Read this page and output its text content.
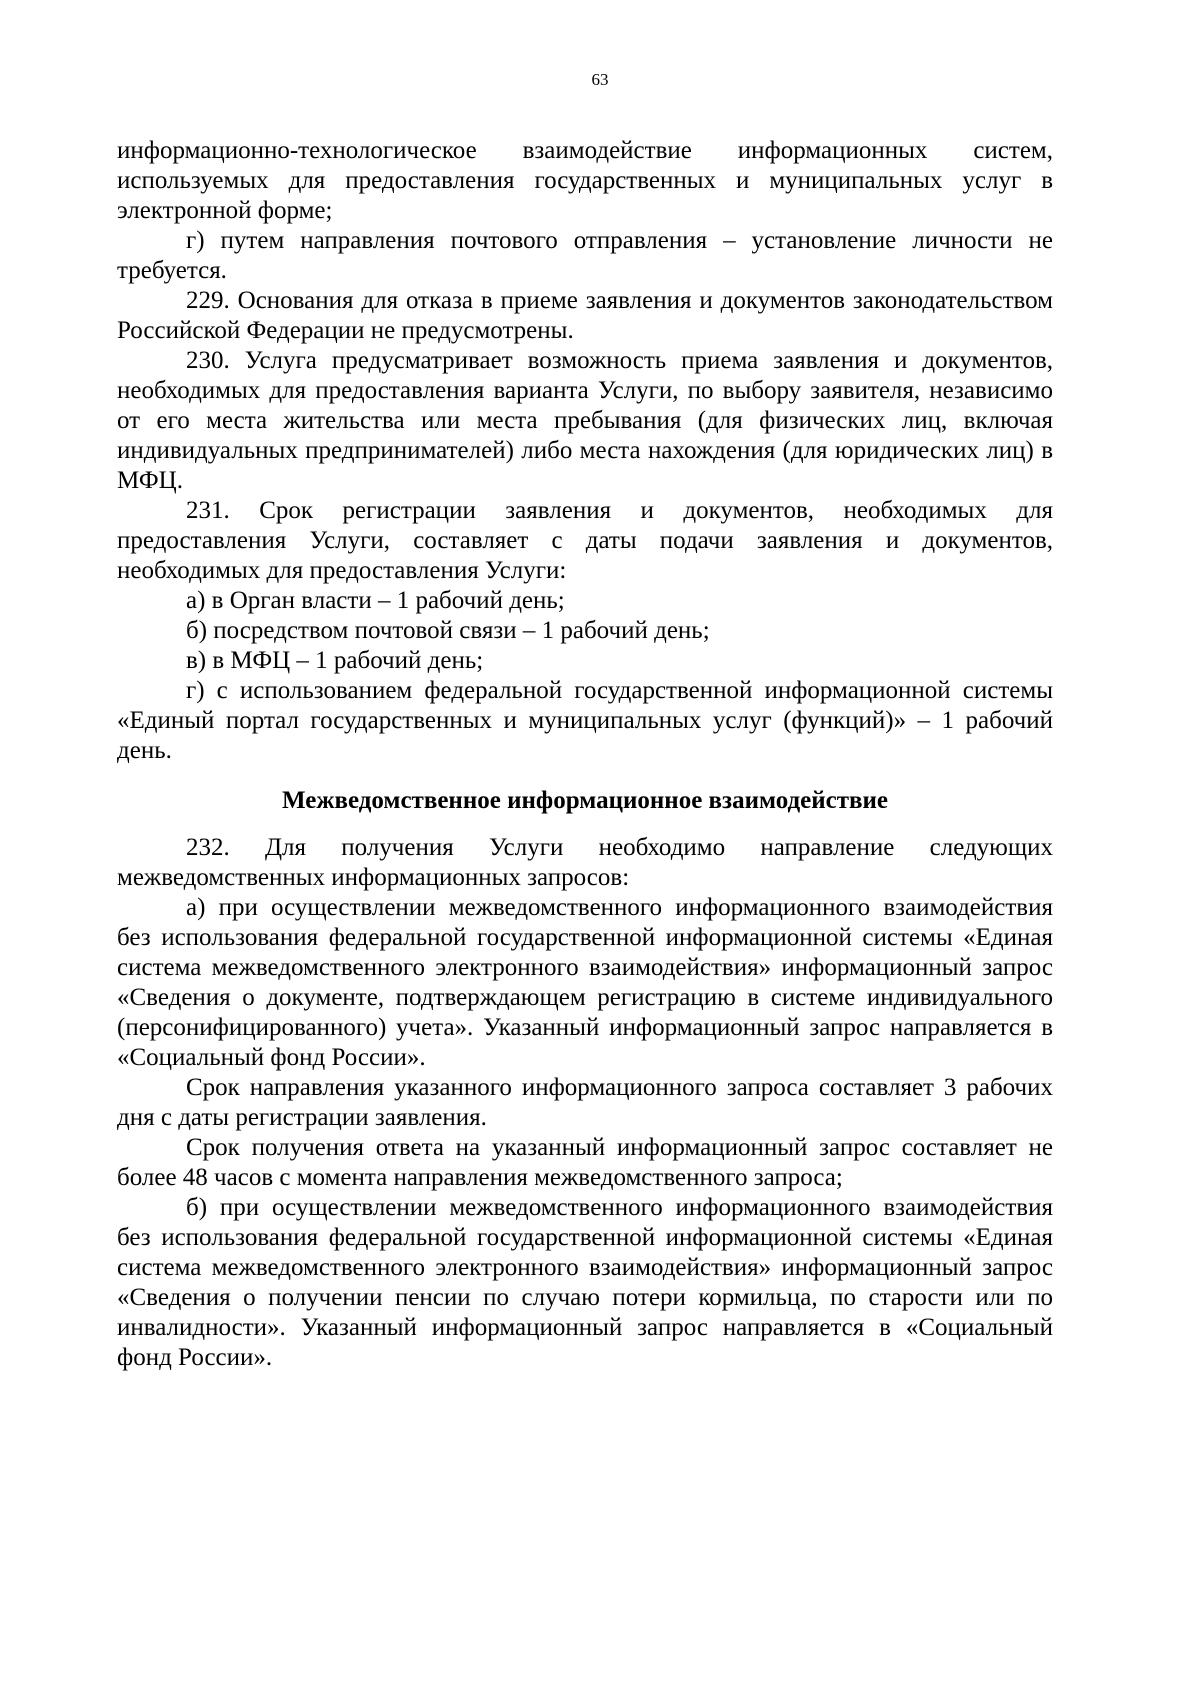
63

информационно-технологическое взаимодействие информационных систем, используемых для предоставления государственных и муниципальных услуг в электронной форме;

г) путем направления почтового отправления – установление личности не требуется.

229. Основания для отказа в приеме заявления и документов законодательством Российской Федерации не предусмотрены.

230. Услуга предусматривает возможность приема заявления и документов, необходимых для предоставления варианта Услуги, по выбору заявителя, независимо от его места жительства или места пребывания (для физических лиц, включая индивидуальных предпринимателей) либо места нахождения (для юридических лиц) в МФЦ.

231. Срок регистрации заявления и документов, необходимых для предоставления Услуги, составляет с даты подачи заявления и документов, необходимых для предоставления Услуги:

а) в Орган власти – 1 рабочий день;

б) посредством почтовой связи – 1 рабочий день;

в) в МФЦ – 1 рабочий день;

г) с использованием федеральной государственной информационной системы «Единый портал государственных и муниципальных услуг (функций)» – 1 рабочий день.

Межведомственное информационное взаимодействие

232. Для получения Услуги необходимо направление следующих межведомственных информационных запросов:

а) при осуществлении межведомственного информационного взаимодействия без использования федеральной государственной информационной системы «Единая система межведомственного электронного взаимодействия» информационный запрос «Сведения о документе, подтверждающем регистрацию в системе индивидуального (персонифицированного) учета». Указанный информационный запрос направляется в «Социальный фонд России».

Срок направления указанного информационного запроса составляет 3 рабочих дня с даты регистрации заявления.

Срок получения ответа на указанный информационный запрос составляет не более 48 часов с момента направления межведомственного запроса;

б) при осуществлении межведомственного информационного взаимодействия без использования федеральной государственной информационной системы «Единая система межведомственного электронного взаимодействия» информационный запрос «Сведения о получении пенсии по случаю потери кормильца, по старости или по инвалидности». Указанный информационный запрос направляется в «Социальный фонд России».
